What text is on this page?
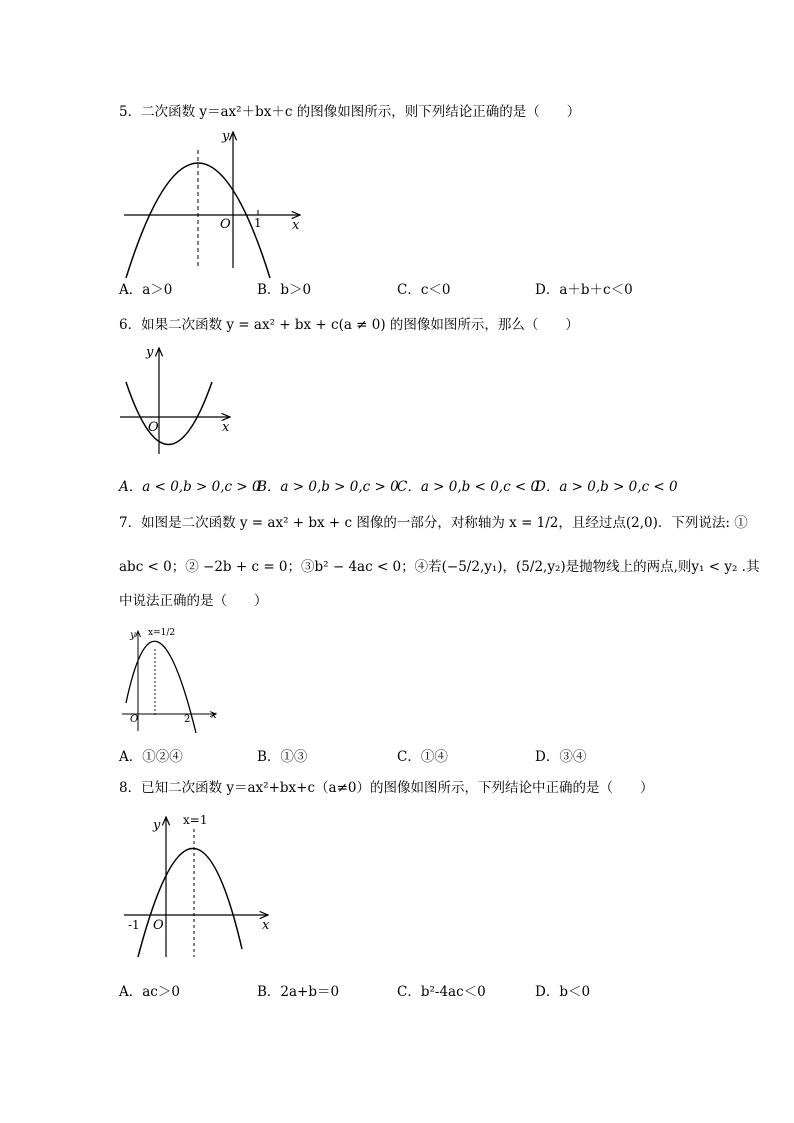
5．二次函数 y＝ax²＋bx＋c 的图像如图所示，则下列结论正确的是（　　）
y
x
O 1
A．a＞0	B．b＞0	C．c＜0	D．a＋b＋c＜0
6．如果二次函数 y = ax² + bx + c(a ≠ 0) 的图像如图所示，那么（　　）
y
x
O
A．a < 0,b > 0,c > 0
B．a > 0,b > 0,c > 0
C．a > 0,b < 0,c < 0
D．a > 0,b > 0,c < 0
7．如图是二次函数 y = ax² + bx + c 图像的一部分，对称轴为 x = 1/2，且经过点(2,0)．下列说法: ①
abc < 0；② −2b + c = 0；③b² − 4ac < 0；④若(−5/2,y₁)，(5/2,y₂)是抛物线上的两点,则y₁ < y₂ .其
中说法正确的是（　　）
y x=1/2
x
O	2
A．①②④	B．①③	C．①④	D．③④
8．已知二次函数 y＝ax²+bx+c（a≠0）的图像如图所示，下列结论中正确的是（　　）
y x=1
x
O
-1
A．ac＞0	B．2a+b＝0	C．b²-4ac＜0	D．b＜0
